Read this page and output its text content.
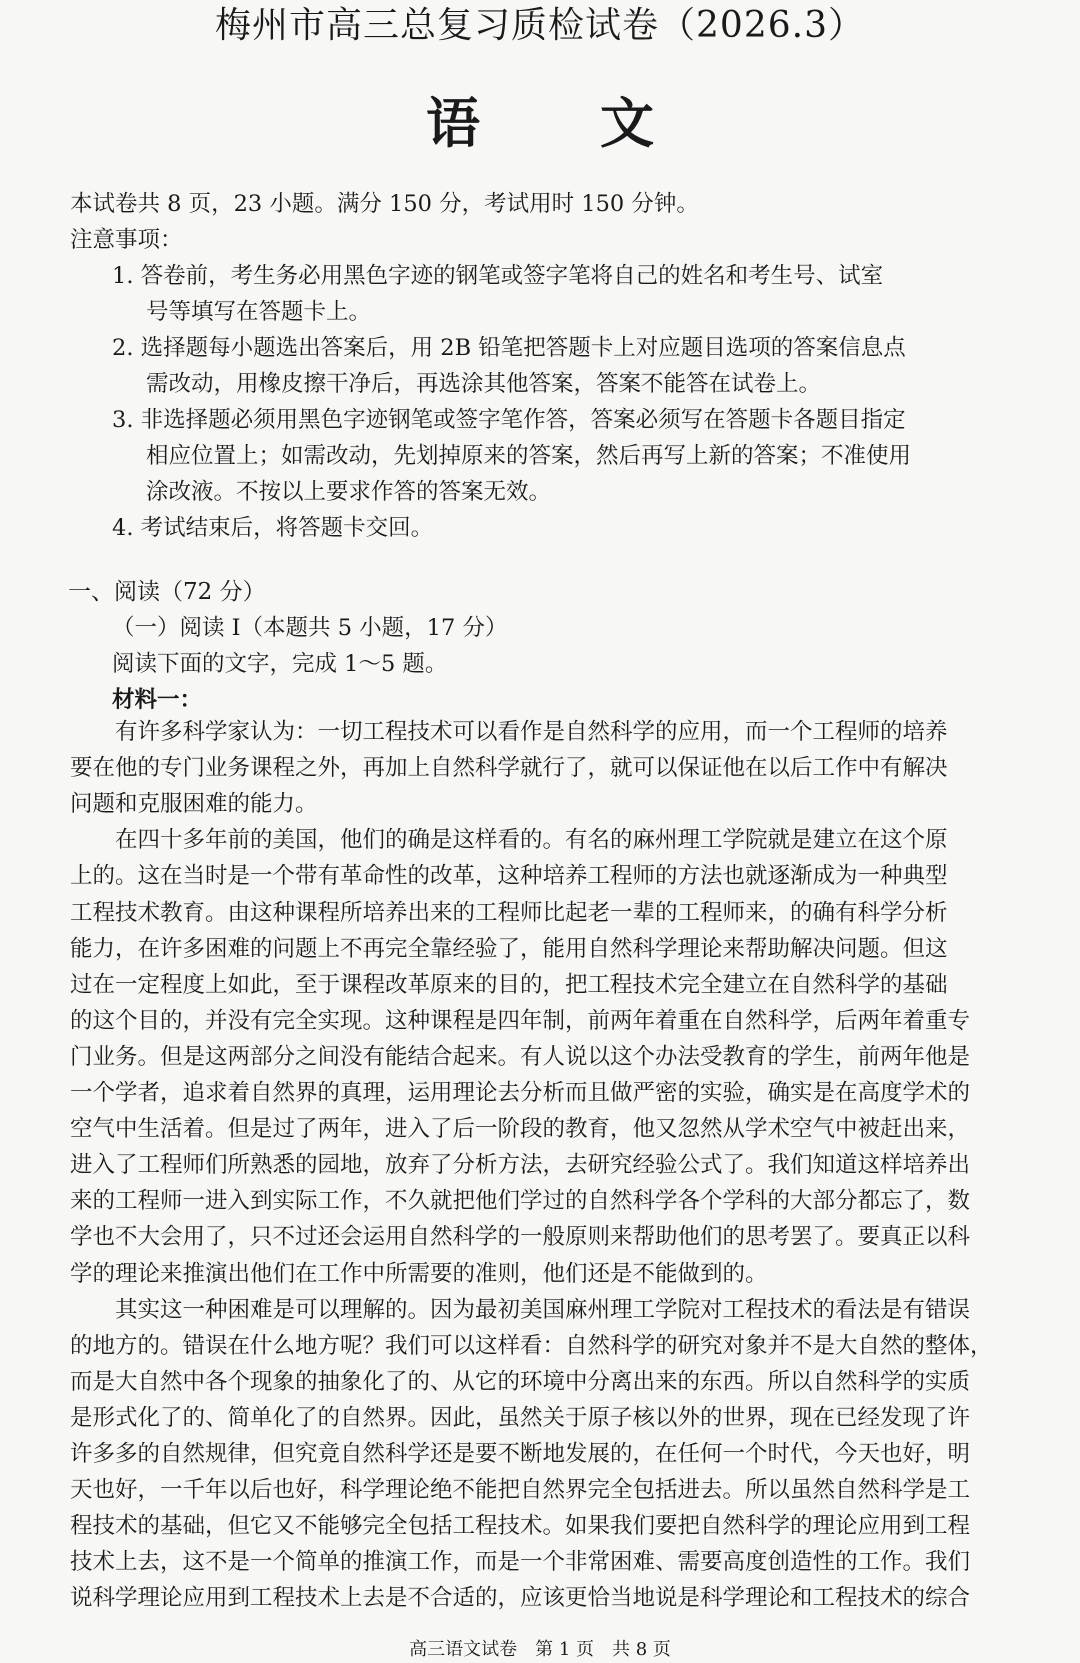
梅州市高三总复习质检试卷（2026.3）
语 文
本试卷共 8 页，23 小题。满分 150 分，考试用时 150 分钟。
注意事项：
1. 答卷前，考生务必用黑色字迹的钢笔或签字笔将自己的姓名和考生号、试室
号等填写在答题卡上。
2. 选择题每小题选出答案后，用 2B 铅笔把答题卡上对应题目选项的答案信息点
需改动，用橡皮擦干净后，再选涂其他答案，答案不能答在试卷上。
3. 非选择题必须用黑色字迹钢笔或签字笔作答，答案必须写在答题卡各题目指定
相应位置上；如需改动，先划掉原来的答案，然后再写上新的答案；不准使用
涂改液。不按以上要求作答的答案无效。
4. 考试结束后，将答题卡交回。
一、阅读（72 分）
（一）阅读 I（本题共 5 小题，17 分）
阅读下面的文字，完成 1～5 题。
材料一：
　　有许多科学家认为：一切工程技术可以看作是自然科学的应用，而一个工程师的培养
要在他的专门业务课程之外，再加上自然科学就行了，就可以保证他在以后工作中有解决
问题和克服困难的能力。
　　在四十多年前的美国，他们的确是这样看的。有名的麻州理工学院就是建立在这个原
上的。这在当时是一个带有革命性的改革，这种培养工程师的方法也就逐渐成为一种典型
工程技术教育。由这种课程所培养出来的工程师比起老一辈的工程师来，的确有科学分析
能力，在许多困难的问题上不再完全靠经验了，能用自然科学理论来帮助解决问题。但这
过在一定程度上如此，至于课程改革原来的目的，把工程技术完全建立在自然科学的基础
的这个目的，并没有完全实现。这种课程是四年制，前两年着重在自然科学，后两年着重专
门业务。但是这两部分之间没有能结合起来。有人说以这个办法受教育的学生，前两年他是
一个学者，追求着自然界的真理，运用理论去分析而且做严密的实验，确实是在高度学术的
空气中生活着。但是过了两年，进入了后一阶段的教育，他又忽然从学术空气中被赶出来，
进入了工程师们所熟悉的园地，放弃了分析方法，去研究经验公式了。我们知道这样培养出
来的工程师一进入到实际工作，不久就把他们学过的自然科学各个学科的大部分都忘了，数
学也不大会用了，只不过还会运用自然科学的一般原则来帮助他们的思考罢了。要真正以科
学的理论来推演出他们在工作中所需要的准则，他们还是不能做到的。
　　其实这一种困难是可以理解的。因为最初美国麻州理工学院对工程技术的看法是有错误
的地方的。错误在什么地方呢？我们可以这样看：自然科学的研究对象并不是大自然的整体，
而是大自然中各个现象的抽象化了的、从它的环境中分离出来的东西。所以自然科学的实质
是形式化了的、简单化了的自然界。因此，虽然关于原子核以外的世界，现在已经发现了许
许多多的自然规律，但究竟自然科学还是要不断地发展的，在任何一个时代，今天也好，明
天也好，一千年以后也好，科学理论绝不能把自然界完全包括进去。所以虽然自然科学是工
程技术的基础，但它又不能够完全包括工程技术。如果我们要把自然科学的理论应用到工程
技术上去，这不是一个简单的推演工作，而是一个非常困难、需要高度创造性的工作。我们
说科学理论应用到工程技术上去是不合适的，应该更恰当地说是科学理论和工程技术的综合
高三语文试卷　第 1 页　共 8 页
